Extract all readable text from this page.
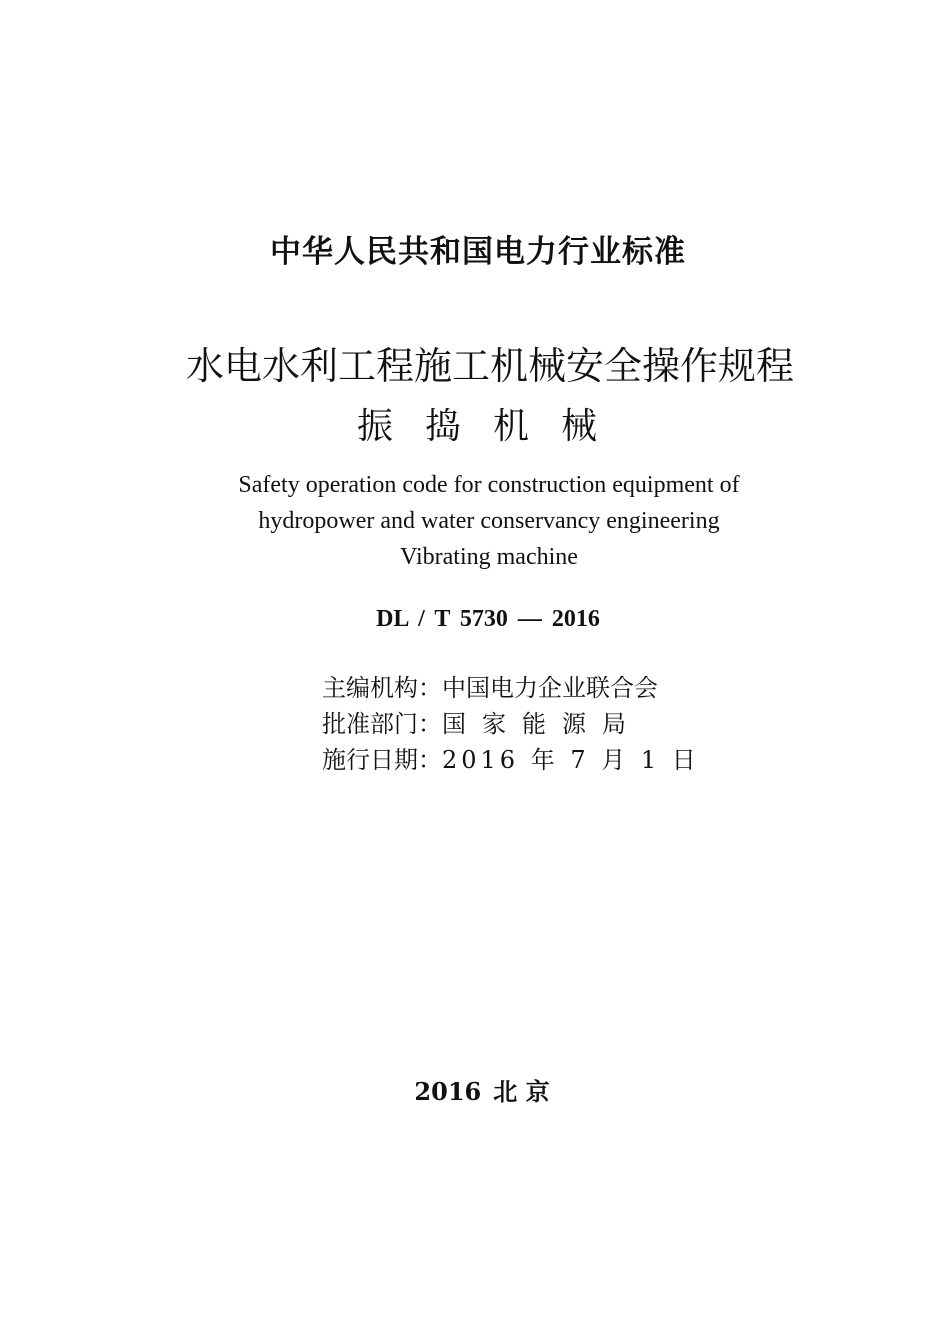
中华人民共和国电力行业标准
水电水利工程施工机械安全操作规程
振 捣 机 械
Safety operation code for construction equipment of
hydropower and water conservancy engineering
Vibrating machine
DL / T 5730 — 2016
主编机构：中国电力企业联合会
批准部门：国家能源局
施行日期：2016 年 7 月 1 日
2016 北 京
